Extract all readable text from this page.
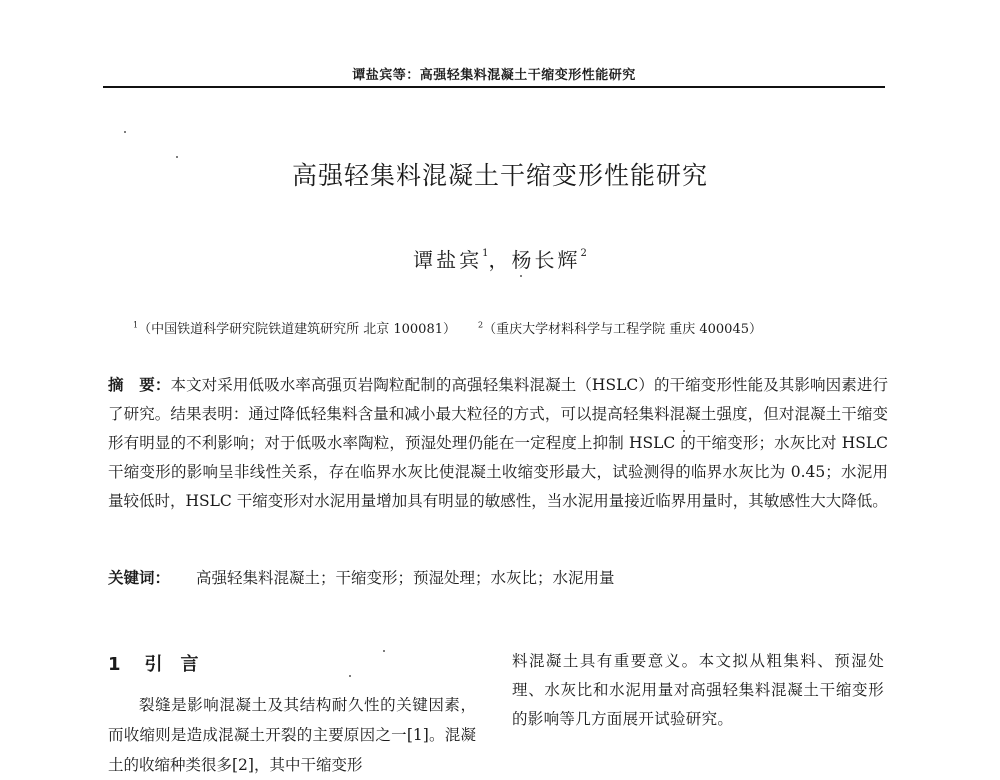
谭盐宾等：高强轻集料混凝土干缩变形性能研究
高强轻集料混凝土干缩变形性能研究
谭盐宾$^1$，杨长辉$^2$
$^1$（中国铁道科学研究院铁道建筑研究所 北京 100081）	$^2$（重庆大学材料科学与工程学院 重庆 400045）
摘　要：本文对采用低吸水率高强页岩陶粒配制的高强轻集料混凝土（HSLC）的干缩变形性能及其影响因素进行了研究。结果表明：通过降低轻集料含量和减小最大粒径的方式，可以提高轻集料混凝土强度，但对混凝土干缩变形有明显的不利影响；对于低吸水率陶粒，预湿处理仍能在一定程度上抑制 HSLC 的干缩变形；水灰比对 HSLC 干缩变形的影响呈非线性关系，存在临界水灰比使混凝土收缩变形最大，试验测得的临界水灰比为 0.45；水泥用量较低时，HSLC 干缩变形对水泥用量增加具有明显的敏感性，当水泥用量接近临界用量时，其敏感性大大降低。
关键词： 高强轻集料混凝土；干缩变形；预湿处理；水灰比；水泥用量
1 引　言
裂缝是影响混凝土及其结构耐久性的关键因素，而收缩则是造成混凝土开裂的主要原因之一[1]。混凝土的收缩种类很多[2]，其中干缩变形
料混凝土具有重要意义。本文拟从粗集料、预湿处理、水灰比和水泥用量对高强轻集料混凝土干缩变形的影响等几方面展开试验研究。
